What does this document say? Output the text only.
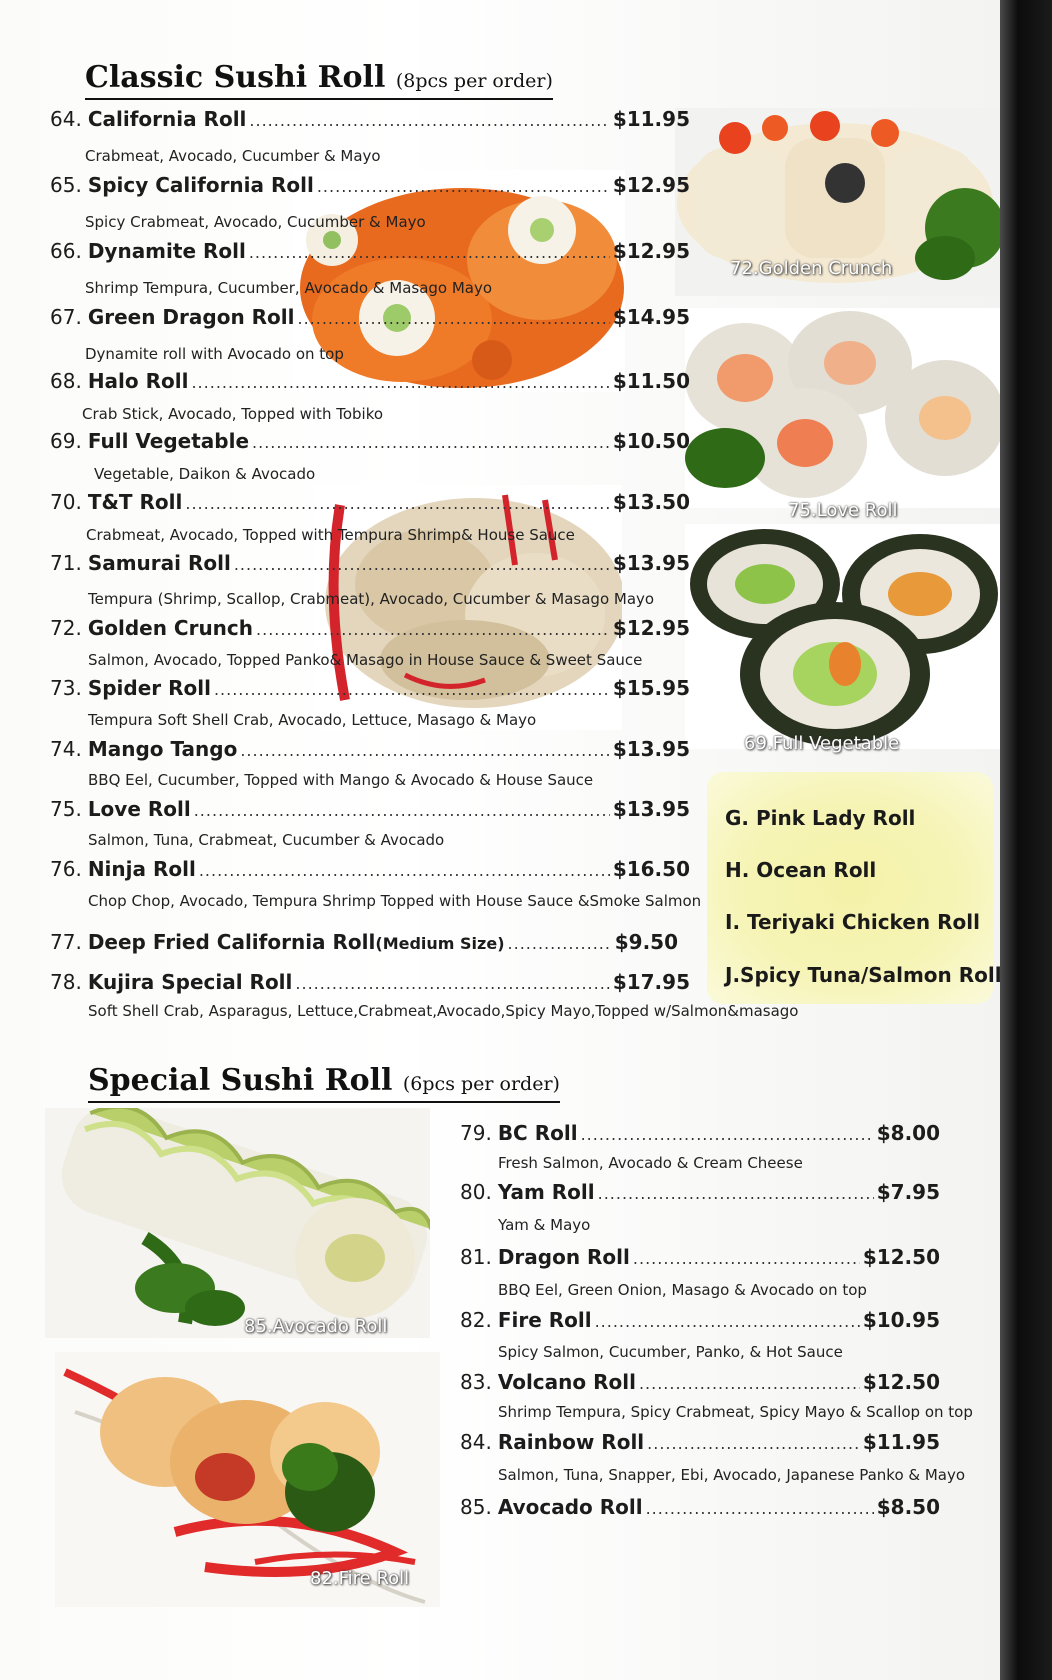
Classic Sushi Roll (8pcs per order)
72.Golden Crunch
75.Love Roll
69.Full Vegetable
G. Pink Lady Roll
H. Ocean Roll
I. Teriyaki Chicken Roll
J.Spicy Tuna/Salmon Roll
64. California Roll .....	$11.95
Crabmeat, Avocado, Cucumber & Mayo
65. Spicy California Roll .....	$12.95
Spicy Crabmeat, Avocado, Cucumber & Mayo
66. Dynamite Roll .....	$12.95
Shrimp Tempura, Cucumber, Avocado & Masago Mayo
67. Green Dragon Roll .....	$14.95
Dynamite roll with Avocado on top
68. Halo Roll .....	$11.50
Crab Stick, Avocado, Topped with Tobiko
69. Full Vegetable .....	$10.50
Vegetable, Daikon & Avocado
70. T&T Roll .....	$13.50
Crabmeat, Avocado, Topped with Tempura Shrimp& House Sauce
71. Samurai Roll .....	$13.95
Tempura (Shrimp, Scallop, Crabmeat), Avocado, Cucumber & Masago Mayo
72. Golden Crunch .....	$12.95
Salmon, Avocado, Topped Panko& Masago in House Sauce & Sweet Sauce
73. Spider Roll .....	$15.95
Tempura Soft Shell Crab, Avocado, Lettuce, Masago & Mayo
74. Mango Tango .....	$13.95
BBQ Eel, Cucumber, Topped with Mango & Avocado & House Sauce
75. Love Roll .....	$13.95
Salmon, Tuna, Crabmeat, Cucumber & Avocado
76. Ninja Roll .....	$16.50
Chop Chop, Avocado, Tempura Shrimp Topped with House Sauce &Smoke Salmon
77. Deep Fried California Roll (Medium Size) .....	$9.50
78. Kujira Special Roll .....	$17.95
Soft Shell Crab, Asparagus, Lettuce,Crabmeat,Avocado,Spicy Mayo,Topped w/Salmon&masago
Special Sushi Roll (6pcs per order)
85.Avocado Roll
82.Fire Roll
79. BC Roll .....	$8.00
Fresh Salmon, Avocado & Cream Cheese
80. Yam Roll .....	$7.95
Yam & Mayo
81. Dragon Roll .....	$12.50
BBQ Eel, Green Onion, Masago & Avocado on top
82. Fire Roll .....	$10.95
Spicy Salmon, Cucumber, Panko, & Hot Sauce
83. Volcano Roll .....	$12.50
Shrimp Tempura, Spicy Crabmeat, Spicy Mayo & Scallop on top
84. Rainbow Roll .....	$11.95
Salmon, Tuna, Snapper, Ebi, Avocado, Japanese Panko & Mayo
85. Avocado Roll .....	$8.50
